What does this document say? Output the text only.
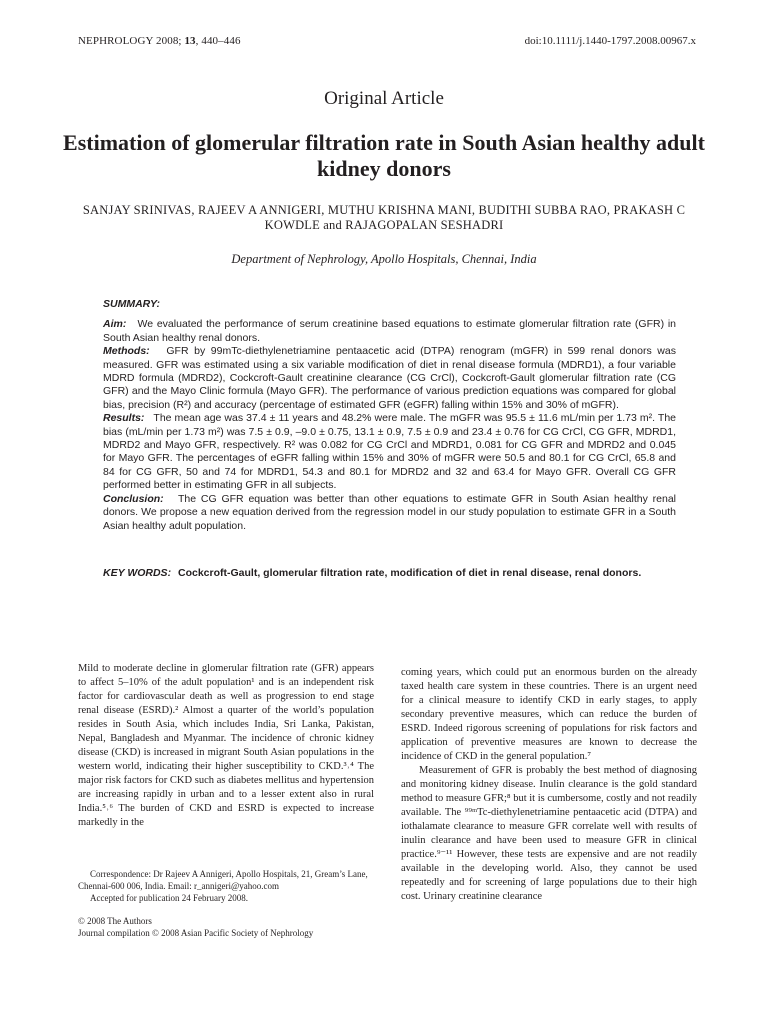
NEPHROLOGY 2008; 13, 440–446	doi:10.1111/j.1440-1797.2008.00967.x
Original Article
Estimation of glomerular filtration rate in South Asian healthy adult kidney donors
SANJAY SRINIVAS, RAJEEV A ANNIGERI, MUTHU KRISHNA MANI, BUDITHI SUBBA RAO, PRAKASH C KOWDLE and RAJAGOPALAN SESHADRI
Department of Nephrology, Apollo Hospitals, Chennai, India
SUMMARY:

Aim: We evaluated the performance of serum creatinine based equations to estimate glomerular filtration rate (GFR) in South Asian healthy renal donors.

Methods: GFR by 99mTc-diethylenetriamine pentaacetic acid (DTPA) renogram (mGFR) in 599 renal donors was measured. GFR was estimated using a six variable modification of diet in renal disease formula (MDRD1), a four variable MDRD formula (MDRD2), Cockcroft-Gault creatinine clearance (CG CrCl), Cockcroft-Gault glomerular filtration rate (CG GFR) and the Mayo Clinic formula (Mayo GFR). The performance of various prediction equations was compared for global bias, precision (R²) and accuracy (percentage of estimated GFR (eGFR) falling within 15% and 30% of mGFR).

Results: The mean age was 37.4 ± 11 years and 48.2% were male. The mGFR was 95.5 ± 11.6 mL/min per 1.73 m². The bias (mL/min per 1.73 m²) was 7.5 ± 0.9, –9.0 ± 0.75, 13.1 ± 0.9, 7.5 ± 0.9 and 23.4 ± 0.76 for CG CrCl, CG GFR, MDRD1, MDRD2 and Mayo GFR, respectively. R² was 0.082 for CG CrCl and MDRD1, 0.081 for CG GFR and MDRD2 and 0.045 for Mayo GFR. The percentages of eGFR falling within 15% and 30% of mGFR were 50.5 and 80.1 for CG CrCl, 65.8 and 84 for CG GFR, 50 and 74 for MDRD1, 54.3 and 80.1 for MDRD2 and 32 and 63.4 for Mayo GFR. Overall CG GFR performed better in estimating GFR in all subjects.

Conclusion: The CG GFR equation was better than other equations to estimate GFR in South Asian healthy renal donors. We propose a new equation derived from the regression model in our study population to estimate GFR in a South Asian healthy adult population.

KEY WORDS: Cockcroft-Gault, glomerular filtration rate, modification of diet in renal disease, renal donors.

Mild to moderate decline in glomerular filtration rate (GFR) appears to affect 5–10% of the adult population¹ and is an independent risk factor for cardiovascular death as well as progression to end stage renal disease (ESRD).² Almost a quarter of the world’s population resides in South Asia, which includes India, Sri Lanka, Pakistan, Nepal, Bangladesh and Myanmar. The incidence of chronic kidney disease (CKD) is increased in migrant South Asian populations in the western world, indicating their higher susceptibility to CKD.³˒⁴ The major risk factors for CKD such as diabetes mellitus and hypertension are increasing rapidly in urban and to a lesser extent also in rural India.⁵˒⁶ The burden of CKD and ESRD is expected to increase markedly in the

coming years, which could put an enormous burden on the already taxed health care system in these countries. There is an urgent need for a clinical measure to identify CKD in early stages, to apply secondary preventive measures, which can reduce the burden of ESRD. Indeed rigorous screening of populations for risk factors and application of preventive measures are known to decrease the incidence of CKD in the general population.⁷

Measurement of GFR is probably the best method of diagnosing and monitoring kidney disease. Inulin clearance is the gold standard method to measure GFR;⁸ but it is cumbersome, costly and not readily available. The ⁹⁹ᵐTc-diethylenetriamine pentaacetic acid (DTPA) and iothalamate clearance to measure GFR correlate well with results of inulin clearance and have been used to measure GFR in clinical practice.⁹⁻¹¹ However, these tests are expensive and are not readily available in the developing world. Also, they cannot be used repeatedly and for screening of large populations due to their high cost. Urinary creatinine clearance

Correspondence: Dr Rajeev A Annigeri, Apollo Hospitals, 21, Gream’s Lane, Chennai-600 006, India. Email: r_annigeri@yahoo.com
Accepted for publication 24 February 2008.
© 2008 The Authors
Journal compilation © 2008 Asian Pacific Society of Nephrology
